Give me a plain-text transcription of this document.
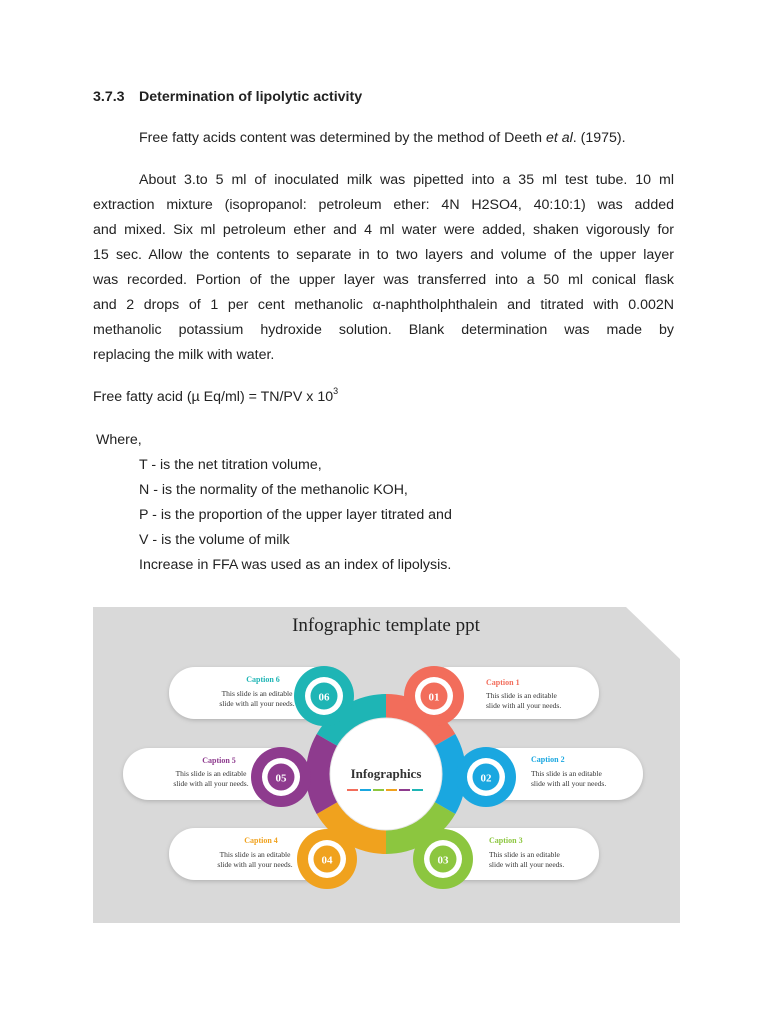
3.7.3 Determination of lipolytic activity
Free fatty acids content was determined by the method of Deeth et al. (1975).
About 3.to 5 ml of inoculated milk was pipetted into a 35 ml test tube. 10 ml
extraction mixture (isopropanol: petroleum ether: 4N H2SO4, 40:10:1) was added
and mixed. Six ml petroleum ether and 4 ml water were added, shaken vigorously for
15 sec. Allow the contents to separate in to two layers and volume of the upper layer
was recorded. Portion of the upper layer was transferred into a 50 ml conical flask
and 2 drops of 1 per cent methanolic α-naphtholphthalein and titrated with 0.002N
methanolic potassium hydroxide solution. Blank determination was made by
replacing the milk with water.
Free fatty acid (µ Eq/ml) = TN/PV x $10^3$
Where,
T - is the net titration volume,
N - is the normality of the methanolic KOH,
P - is the proportion of the upper layer titrated and
V - is the volume of milk
Increase in FFA was used as an index of lipolysis.
Infographic template ppt
01
02
03
04
05
06
Infographics
Caption 1
This slide is an editable
slide with all your needs.
Caption 2
This slide is an editable
slide with all your needs.
Caption 3
This slide is an editable
slide with all your needs.
Caption 4
This slide is an editable
slide with all your needs.
Caption 5
This slide is an editable
slide with all your needs.
Caption 6
This slide is an editable
slide with all your needs.
